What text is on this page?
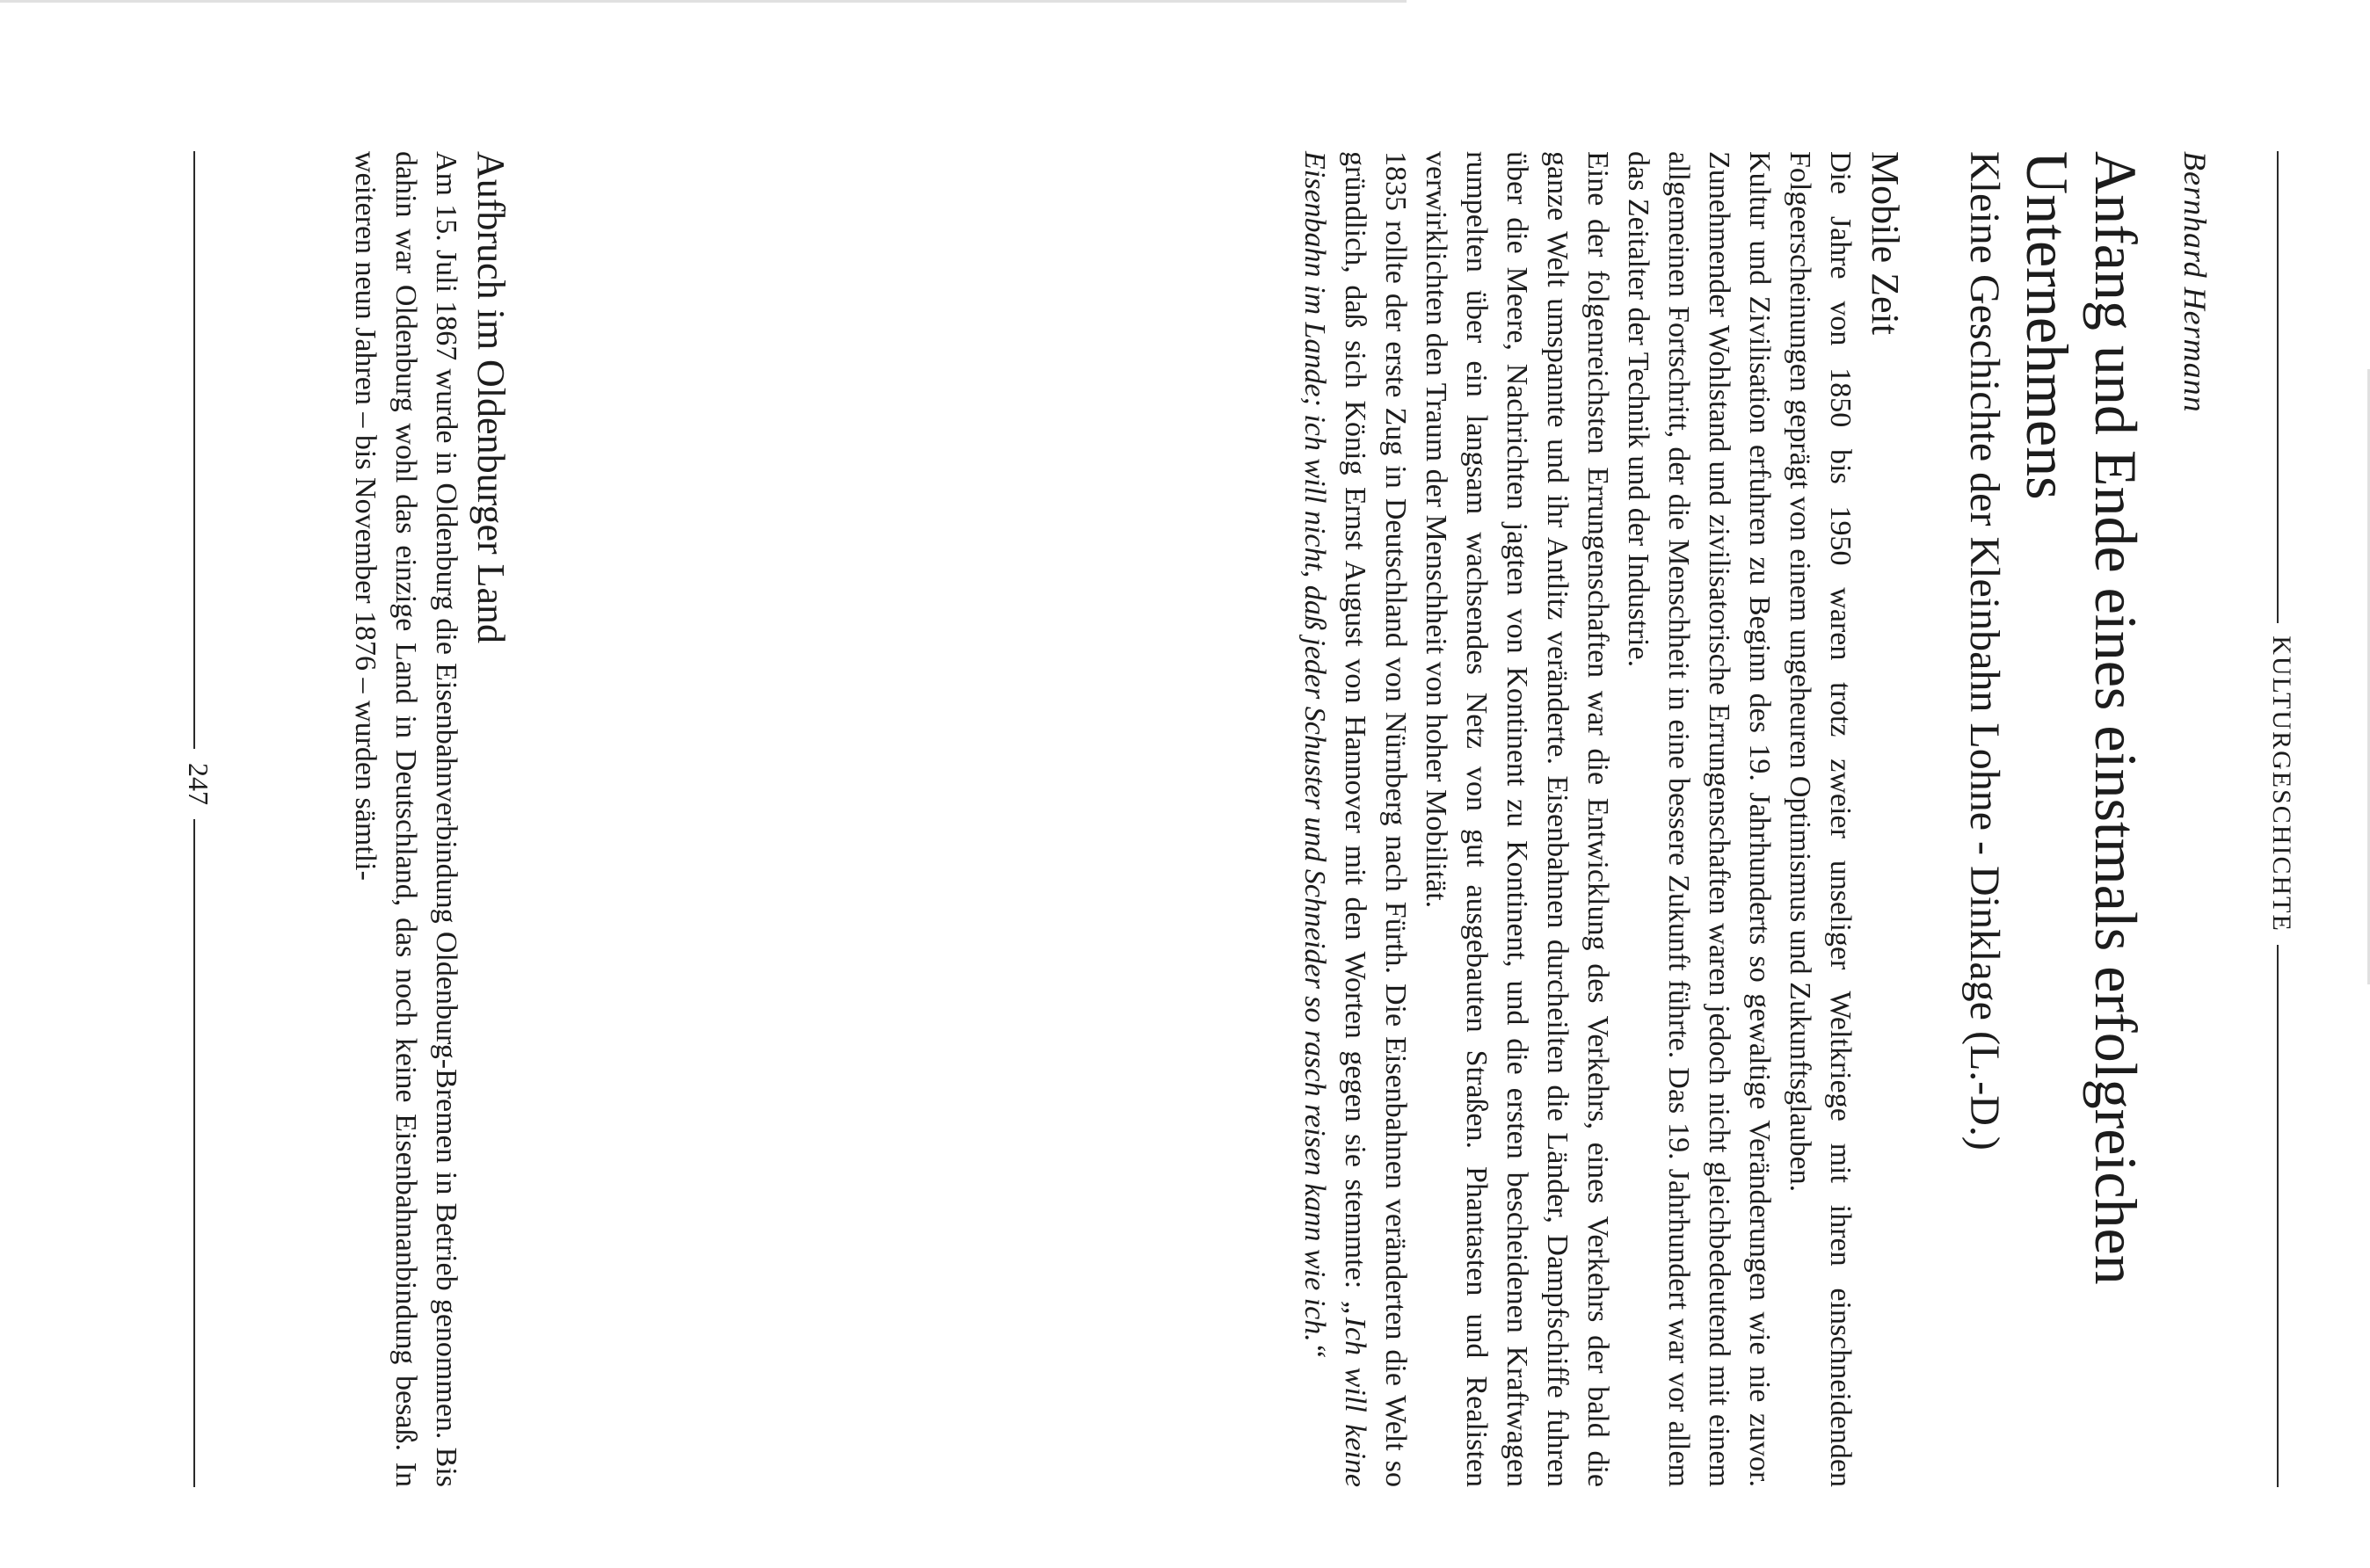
KULTURGESCHICHTE
Bernhard Hermann
Anfang und Ende eines einstmals erfolgreichen Unternehmens
Kleine Geschichte der Kleinbahn Lohne - Dinklage (L.-D.)
Mobile Zeit

Die Jahre von 1850 bis 1950 waren trotz zweier unseliger Weltkriege mit ihren einschneidenden Folgeerscheinungen geprägt von einem ungeheuren Optimismus und Zukunftsglauben.

Kultur und Zivilisation erfuhren zu Beginn des 19. Jahrhunderts so gewaltige Veränderungen wie nie zuvor. Zunehmender Wohlstand und zivilisatorische Errungenschaften waren jedoch nicht gleichbedeutend mit einem allgemeinen Fortschritt, der die Menschheit in eine bessere Zukunft führte. Das 19. Jahrhundert war vor allem das Zeitalter der Technik und der Industrie.

Eine der folgenreichsten Errungenschaften war die Entwicklung des Verkehrs, eines Verkehrs der bald die ganze Welt umspannte und ihr Antlitz veränderte. Eisenbahnen durcheilten die Länder, Dampfschiffe fuhren über die Meere, Nachrichten jagten von Kontinent zu Kontinent, und die ersten bescheidenen Kraftwagen rumpelten über ein langsam wachsendes Netz von gut ausgebauten Straßen. Phantasten und Realisten verwirklichten den Traum der Menschheit von hoher Mobilität.

1835 rollte der erste Zug in Deutschland von Nürnberg nach Fürth. Die Eisenbahnen veränderten die Welt so gründlich, daß sich König Ernst August von Hannover mit den Worten gegen sie stemmte: „Ich will keine Eisenbahn im Lande; ich will nicht, daß jeder Schuster und Schneider so rasch reisen kann wie ich.“

Aufbruch im Oldenburger Land

Am 15. Juli 1867 wurde in Oldenburg die Eisenbahnverbindung Oldenburg-Bremen in Betrieb genommen. Bis dahin war Oldenburg wohl das einzige Land in Deutschland, das noch keine Eisenbahnanbindung besaß. In weiteren neun Jahren – bis November 1876 – wurden sämtli-

247
